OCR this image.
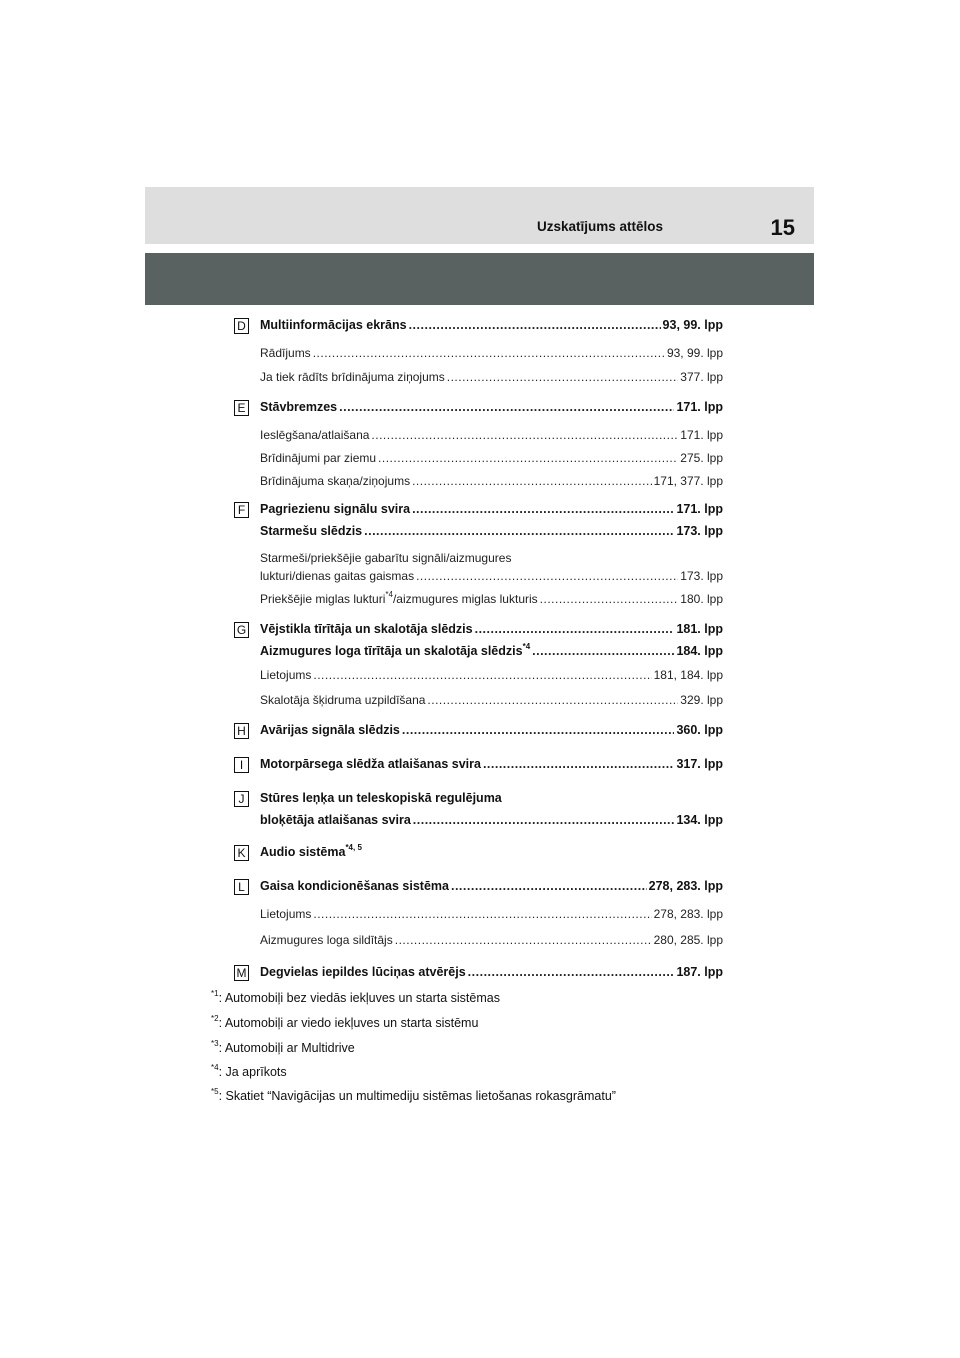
Uzskatījums attēlos	15
D Multiinformācijas ekrāns .....	93, 99. lpp
Rādījums .....	93, 99. lpp
Ja tiek rādīts brīdinājuma ziņojums .....	377. lpp
E Stāvbremzes .....	171. lpp
Ieslēgšana/atlaišana .....	171. lpp
Brīdinājumi par ziemu .....	275. lpp
Brīdinājuma skaņa/ziņojums .....	171, 377. lpp
F	Pagriezienu signālu svira .....	171. lpp
Starmešu slēdzis .....	173. lpp
Starmeši/priekšējie gabarītu signāli/aizmugures
lukturi/dienas gaitas gaismas .....	173. lpp
Priekšējie miglas lukturi$^{*4}$/aizmugures miglas lukturis .....	180. lpp
G Vējstikla tīrītāja un skalotāja slēdzis .....	181. lpp
Aizmugures loga tīrītāja un skalotāja slēdzis$^{*4}$ .....	184. lpp
Lietojums .....	181, 184. lpp
Skalotāja šķidruma uzpildīšana .....	329. lpp
H Avārijas signāla slēdzis .....	360. lpp
I	Motorpārsega slēdža atlaišanas svira .....	317. lpp
J	Stūres leņķa un teleskopiskā regulējuma
bloķētāja atlaišanas svira .....	134. lpp
K Audio sistēma$^{*4, 5}$
L	Gaisa kondicionēšanas sistēma .....	278, 283. lpp
Lietojums .....	278, 283. lpp
Aizmugures loga sildītājs .....	280, 285. lpp
M Degvielas iepildes lūciņas atvērējs .....	187. lpp
$^{*1}$: Automobiļi bez viedās iekļuves un starta sistēmas
$^{*2}$: Automobiļi ar viedo iekļuves un starta sistēmu
$^{*3}$: Automobiļi ar Multidrive
$^{*4}$: Ja aprīkots
$^{*5}$: Skatiet “Navigācijas un multimediju sistēmas lietošanas rokasgrāmatu”
